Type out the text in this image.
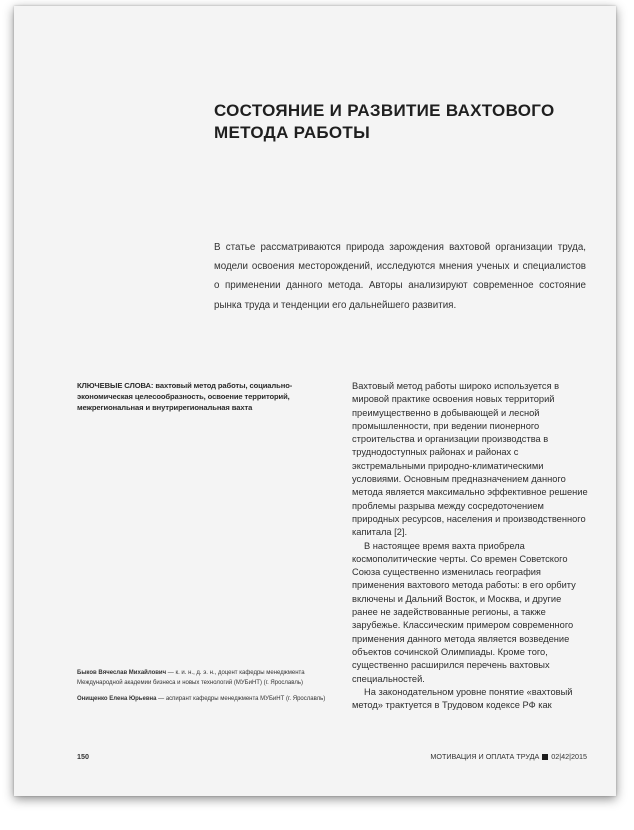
СОСТОЯНИЕ И РАЗВИТИЕ ВАХТОВОГО
МЕТОДА РАБОТЫ

В статье рассматриваются природа зарождения вахтовой организации труда, модели освоения месторождений, исследуются мнения ученых и специалистов о применении данного метода. Авторы анализируют современное состояние рынка труда и тенденции его дальнейшего развития.

КЛЮЧЕВЫЕ СЛОВА: вахтовый метод работы, социально-экономическая целесообразность, освоение территорий, межрегиональная и внутрирегиональная вахта

Быков Вячеслав Михайлович — к. и. н., д. э. н., доцент кафедры менеджмента Международной академии бизнеса и новых технологий (МУБиНТ) (г. Ярославль)

Онищенко Елена Юрьевна — аспирант кафедры менеджмента МУБиНТ (г. Ярославль)

Вахтовый метод работы широко используется в мировой практике освоения новых территорий преимущественно в добывающей и лесной промышленности, при ведении пионерного строительства и организации производства в труднодоступных районах и районах с экстремальными природно-климатическими условиями. Основным предназначением данного метода является максимально эффективное решение проблемы разрыва между сосредоточением природных ресурсов, населения и производственного капитала [2].

В настоящее время вахта приобрела космополитические черты. Со времен Советского Союза существенно изменилась география применения вахтового метода работы: в его орбиту включены и Дальний Восток, и Москва, и другие ранее не задействованные регионы, а также зарубежье. Классическим примером современного применения данного метода является возведение объектов сочинской Олимпиады. Кроме того, существенно расширился перечень вахтовых специальностей.

На законодательном уровне понятие «вахтовый метод» трактуется в Трудовом кодексе РФ как

150	МОТИВАЦИЯ И ОПЛАТА ТРУДА 02|42|2015
